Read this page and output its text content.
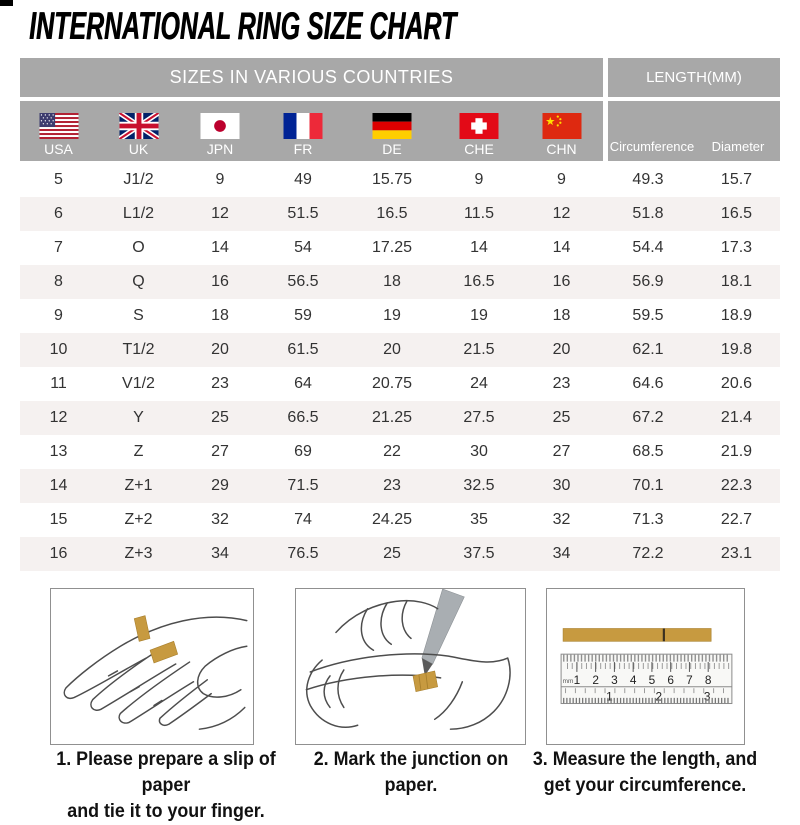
INTERNATIONAL RING SIZE CHART
SIZES IN VARIOUS COUNTRIES	LENGTH(MM)
USA	UK	JPN	FR	DE	CHE	CHN	Circumference	Diameter
5	J1/2	9	49	15.75	9	9	49.3	15.7
6	L1/2	12	51.5	16.5	11.5	12	51.8	16.5
7	O	14	54	17.25	14	14	54.4	17.3
8	Q	16	56.5	18	16.5	16	56.9	18.1
9	S	18	59	19	19	18	59.5	18.9
10	T1/2	20	61.5	20	21.5	20	62.1	19.8
11	V1/2	23	64	20.75	24	23	64.6	20.6
12	Y	25	66.5	21.25	27.5	25	67.2	21.4
13	Z	27	69	22	30	27	68.5	21.9
14	Z+1	29	71.5	23	32.5	30	70.1	22.3
15	Z+2	32	74	24.25	35	32	71.3	22.7
16	Z+3	34	76.5	25	37.5	34	72.2	23.1
mm 1 2 3 4 5 6 7 8
1	2	3
1. Please prepare a slip of paper
and tie it to your finger.
2. Mark the junction on paper.
3. Measure the length, and
get your circumference.
